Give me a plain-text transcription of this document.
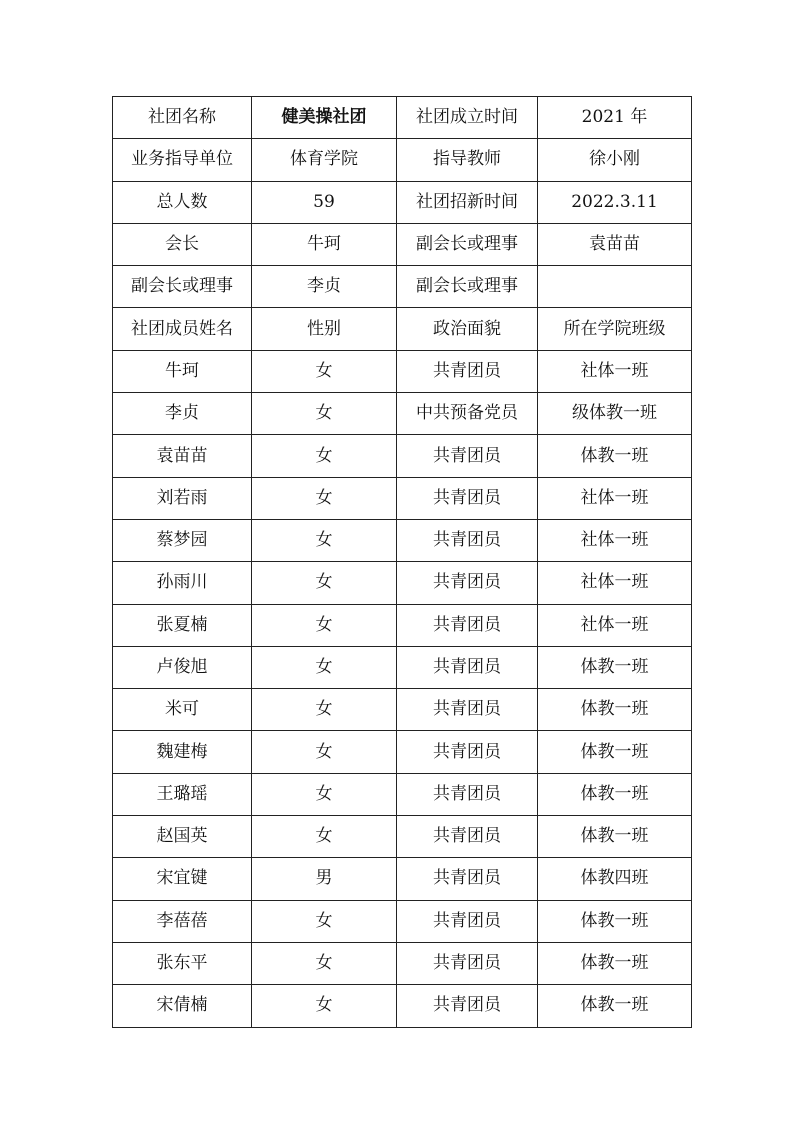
社团名称	健美操社团	社团成立时间	2021 年
业务指导单位	体育学院	指导教师	徐小刚
总人数	59	社团招新时间	2022.3.11
会长	牛珂	副会长或理事	袁苗苗
副会长或理事	李贞	副会长或理事	
社团成员姓名	性别	政治面貌	所在学院班级
牛珂	女	共青团员	社体一班
李贞	女	中共预备党员	级体教一班
袁苗苗	女	共青团员	体教一班
刘若雨	女	共青团员	社体一班
蔡梦园	女	共青团员	社体一班
孙雨川	女	共青团员	社体一班
张夏楠	女	共青团员	社体一班
卢俊旭	女	共青团员	体教一班
米可	女	共青团员	体教一班
魏建梅	女	共青团员	体教一班
王璐瑶	女	共青团员	体教一班
赵国英	女	共青团员	体教一班
宋宜键	男	共青团员	体教四班
李蓓蓓	女	共青团员	体教一班
张东平	女	共青团员	体教一班
宋倩楠	女	共青团员	体教一班
